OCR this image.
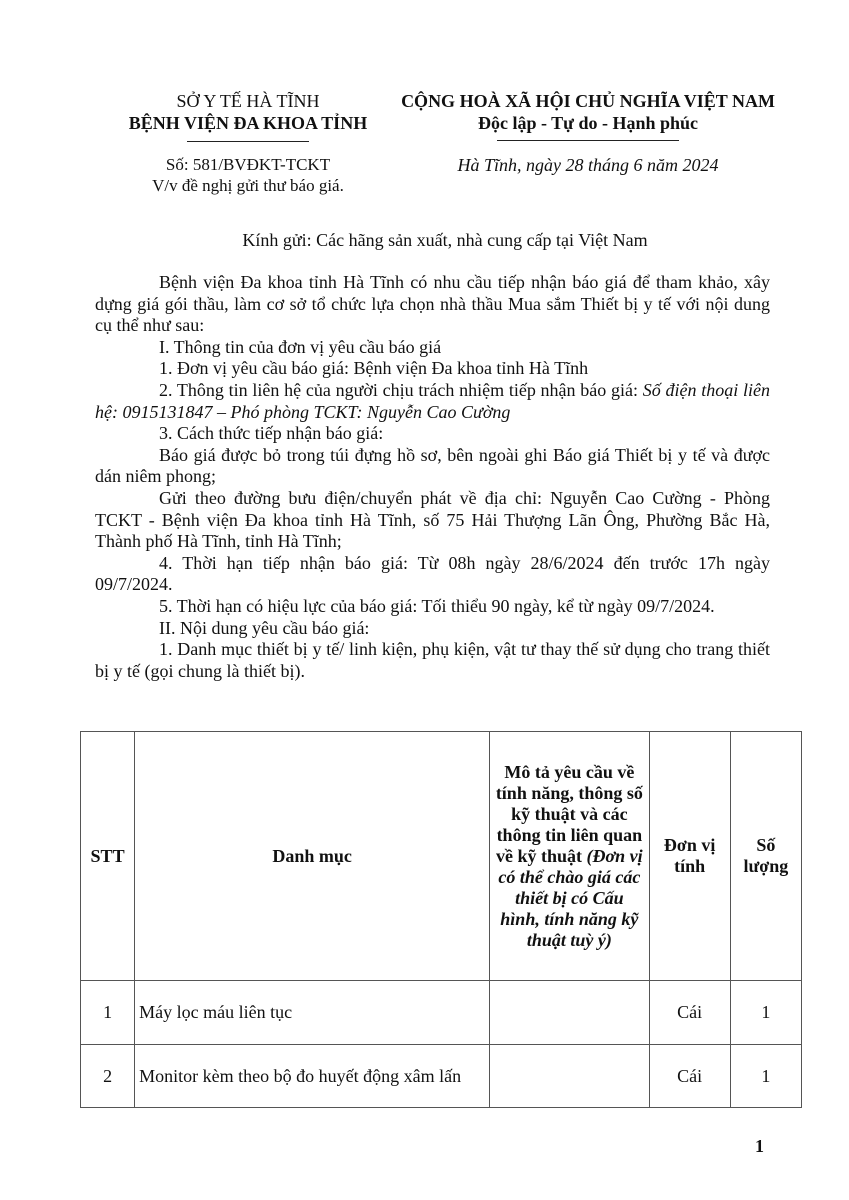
SỞ Y TẾ HÀ TĨNH
BỆNH VIỆN ĐA KHOA TỈNH
Số: 581/BVĐKT-TCKT
V/v đề nghị gửi thư báo giá.
CỘNG HOÀ XÃ HỘI CHỦ NGHĨA VIỆT NAM
Độc lập - Tự do - Hạnh phúc
Hà Tĩnh, ngày 28 tháng 6 năm 2024
Kính gửi: Các hãng sản xuất, nhà cung cấp tại Việt Nam

Bệnh viện Đa khoa tỉnh Hà Tĩnh có nhu cầu tiếp nhận báo giá để tham khảo, xây dựng giá gói thầu, làm cơ sở tổ chức lựa chọn nhà thầu Mua sắm Thiết bị y tế với nội dung cụ thể như sau:

I. Thông tin của đơn vị yêu cầu báo giá

1. Đơn vị yêu cầu báo giá: Bệnh viện Đa khoa tỉnh Hà Tĩnh

2. Thông tin liên hệ của người chịu trách nhiệm tiếp nhận báo giá: Số điện thoại liên hệ: 0915131847 – Phó phòng TCKT: Nguyễn Cao Cường

3. Cách thức tiếp nhận báo giá:

Báo giá được bỏ trong túi đựng hồ sơ, bên ngoài ghi Báo giá Thiết bị y tế và được dán niêm phong;

Gửi theo đường bưu điện/chuyển phát về địa chỉ: Nguyễn Cao Cường - Phòng TCKT - Bệnh viện Đa khoa tỉnh Hà Tĩnh, số 75 Hải Thượng Lãn Ông, Phường Bắc Hà, Thành phố Hà Tĩnh, tỉnh Hà Tĩnh;

4. Thời hạn tiếp nhận báo giá: Từ 08h ngày 28/6/2024 đến trước 17h ngày 09/7/2024.

5. Thời hạn có hiệu lực của báo giá: Tối thiểu 90 ngày, kể từ ngày 09/7/2024.

II. Nội dung yêu cầu báo giá:

1. Danh mục thiết bị y tế/ linh kiện, phụ kiện, vật tư thay thế sử dụng cho trang thiết bị y tế (gọi chung là thiết bị).

STT	Danh mục	Mô tả yêu cầu về tính năng, thông số kỹ thuật và các thông tin liên quan về kỹ thuật (Đơn vị có thể chào giá các thiết bị có Cấu hình, tính năng kỹ thuật tuỳ ý)	Đơn vị tính	Số lượng
1	Máy lọc máu liên tục		Cái	1
2	Monitor kèm theo bộ đo huyết động xâm lấn		Cái	1
1
